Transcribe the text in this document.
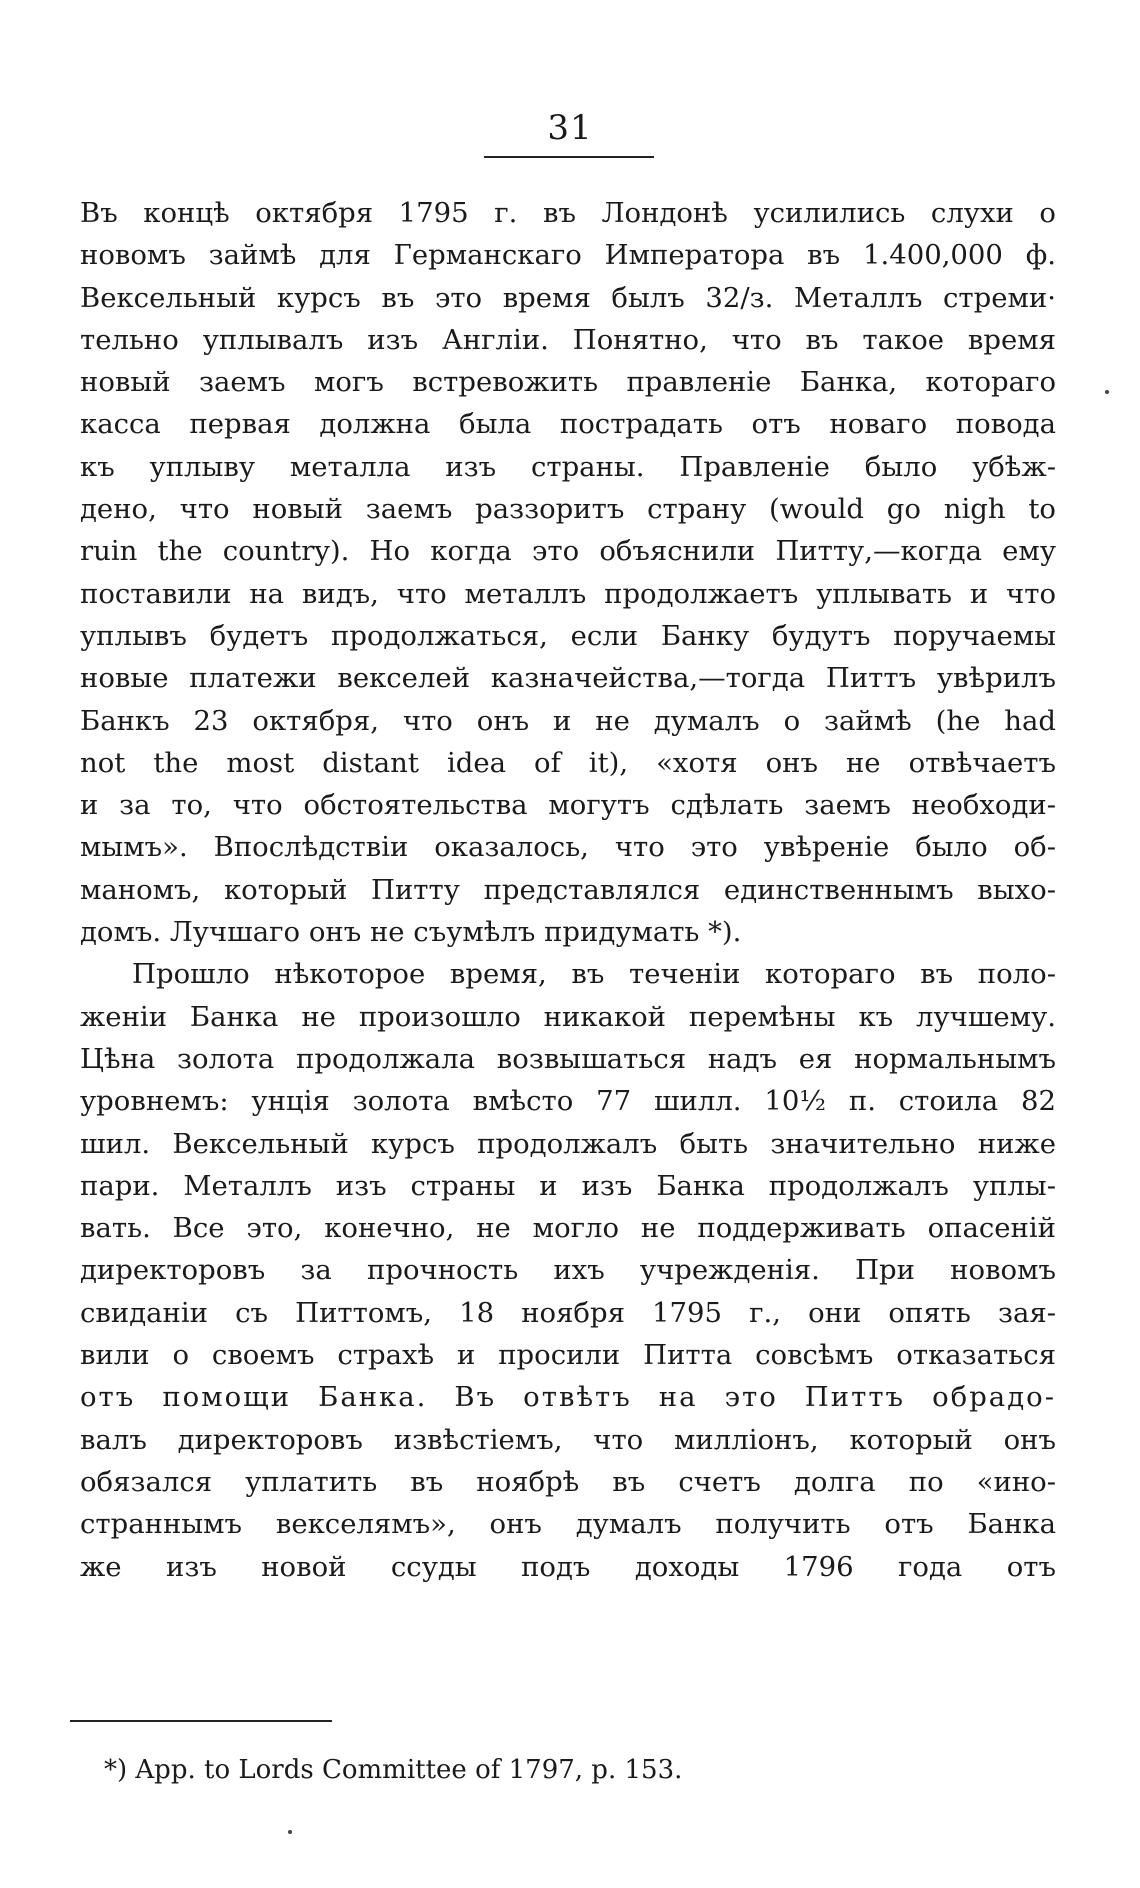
31
Въ концѣ октября 1795 г. въ Лондонѣ усилились слухи о
новомъ займѣ для Германскаго Императора въ 1.400,000 ф.
Вексельный курсъ въ это время былъ 32/з. Металлъ стреми·
тельно уплывалъ изъ Англіи. Понятно, что въ такое время
новый заемъ могъ встревожить правленіе Банка, котораго
касса первая должна была пострадать отъ новаго повода
къ уплыву металла изъ страны. Правленіе было убѣж-
дено, что новый заемъ раззоритъ страну (would go nigh to
ruin the country). Но когда это объяснили Питту,—когда ему
поставили на видъ, что металлъ продолжаетъ уплывать и что
уплывъ будетъ продолжаться, если Банку будутъ поручаемы
новые платежи векселей казначейства,—тогда Питтъ увѣрилъ
Банкъ 23 октября, что онъ и не думалъ о займѣ (he had
not the most distant idea of it), «хотя онъ не отвѣчаетъ
и за то, что обстоятельства могутъ сдѣлать заемъ необходи-
мымъ». Впослѣдствіи оказалось, что это увѣреніе было об-
маномъ, который Питту представлялся единственнымъ выхо-
домъ. Лучшаго онъ не съумѣлъ придумать *).
Прошло нѣкоторое время, въ теченіи котораго въ поло-
женіи Банка не произошло никакой перемѣны къ лучшему.
Цѣна золота продолжала возвышаться надъ ея нормальнымъ
уровнемъ: унція золота вмѣсто 77 шилл. 10½ п. стоила 82
шил. Вексельный курсъ продолжалъ быть значительно ниже
пари. Металлъ изъ страны и изъ Банка продолжалъ уплы-
вать. Все это, конечно, не могло не поддерживать опасеній
директоровъ за прочность ихъ учрежденія. При новомъ
свиданіи съ Питтомъ, 18 ноября 1795 г., они опять зая-
вили о своемъ страхѣ и просили Питта совсѣмъ отказаться
отъ помощи Банка. Въ отвѣтъ на это Питтъ обрадо-
валъ директоровъ извѣстіемъ, что милліонъ, который онъ
обязался уплатить въ ноябрѣ въ счетъ долга по «ино-
страннымъ векселямъ», онъ думалъ получить отъ Банка
же изъ новой ссуды подъ доходы 1796 года отъ
*) App. to Lords Committee of 1797, p. 153.
